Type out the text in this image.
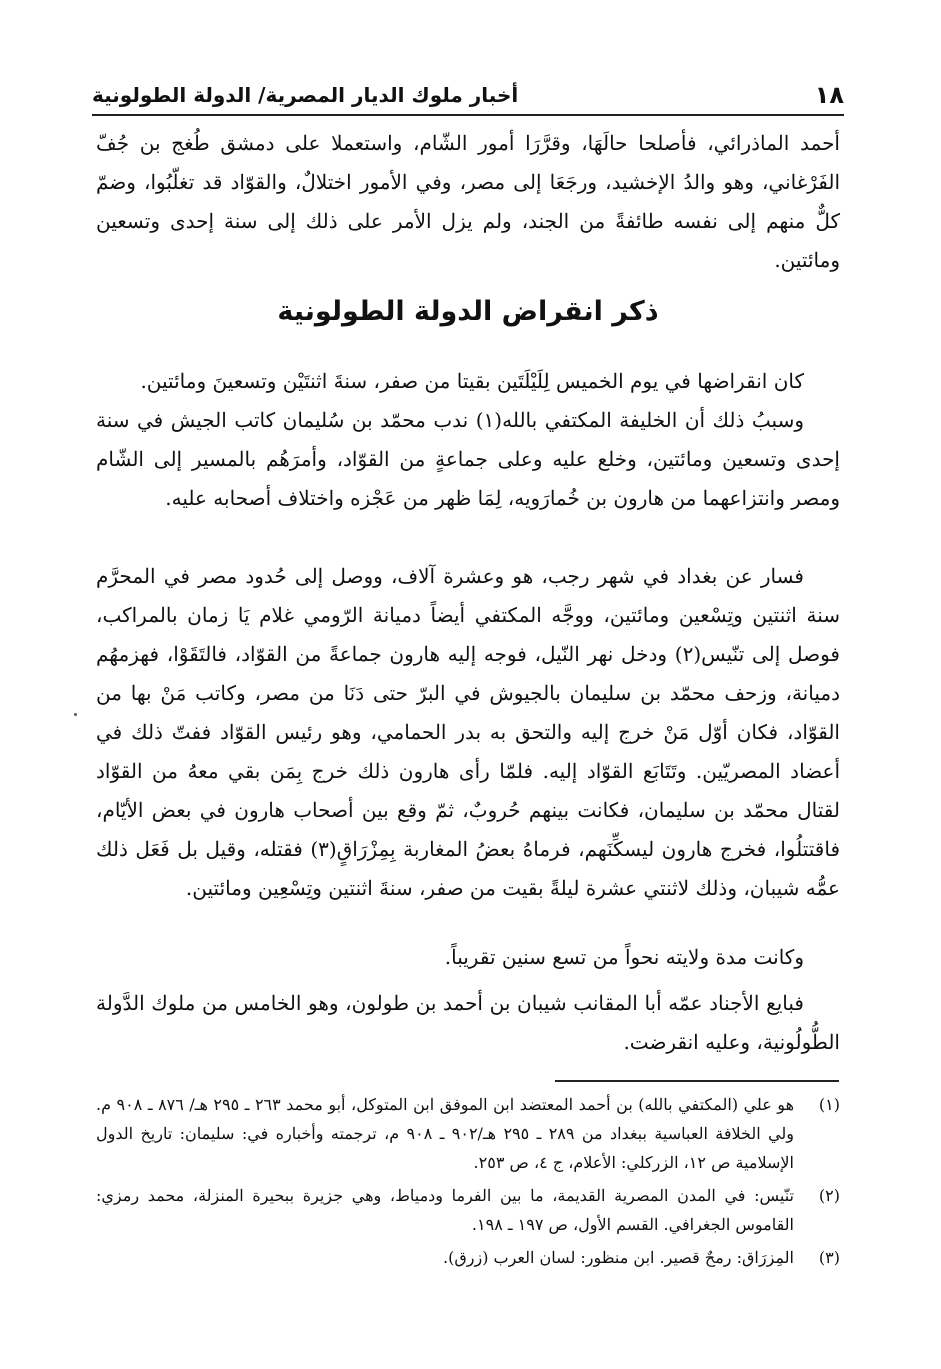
١٨
أخبار ملوك الديار المصرية/ الدولة الطولونية

أحمد الماذرائي، فأصلحا حالَهَا، وقرَّرَا أمور الشّام، واستعملا على دمشق طُغج بن جُفّ الفَرْغاني، وهو والدُ الإخشيد، ورجَعَا إلى مصر، وفي الأمور اختلالٌ، والقوّاد قد تغلّبُوا، وضمّ كلٌّ منهم إلى نفسه طائفةً من الجند، ولم يزل الأمر على ذلك إلى سنة إحدى وتسعين ومائتين.

ذكر انقراض الدولة الطولونية

كان انقراضها في يوم الخميس لِلَيْلَتَين بقيتا من صفر، سنةَ اثنتَيْن وتسعينَ ومائتين.

وسببُ ذلك أن الخليفة المكتفي بالله(١) ندب محمّد بن سُليمان كاتب الجيش في سنة إحدى وتسعين ومائتين، وخلع عليه وعلى جماعةٍ من القوّاد، وأمرَهُم بالمسير إلى الشّام ومصر وانتزاعهما من هارون بن خُمارَويه، لِمَا ظهر من عَجْزه واختلاف أصحابه عليه.

فسار عن بغداد في شهر رجب، هو وعشرة آلاف، ووصل إلى حُدود مصر في المحرَّم سنة اثنتين وتِسْعين ومائتين، ووجَّه المكتفي أيضاً دميانة الرّومي غلام يَا زمان بالمراكب، فوصل إلى تنّيس(٢) ودخل نهر النّيل، فوجه إليه هارون جماعةً من القوّاد، فالتَقَوْا، فهزمهُم دميانة، وزحف محمّد بن سليمان بالجيوش في البرّ حتى دَنَا من مصر، وكاتب مَنْ بها من القوّاد، فكان أوّل مَنْ خرج إليه والتحق به بدر الحمامي، وهو رئيس القوّاد ففتّ ذلك في أعضاد المصريّين. وتَتَابَع القوّاد إليه. فلمّا رأى هارون ذلك خرج بِمَن بقي معهُ من القوّاد لقتال محمّد بن سليمان، فكانت بينهم حُروبٌ، ثمّ وقع بين أصحاب هارون في بعض الأيّام، فاقتتلُوا، فخرج هارون ليسكِّنَهم، فرماهُ بعضُ المغاربة بِمِزْرَاقٍ(٣) فقتله، وقيل بل فَعَل ذلك عمُّه شيبان، وذلك لاثنتي عشرة ليلةً بقيت من صفر، سنةَ اثنتين وتِسْعِين ومائتين.

وكانت مدة ولايته نحواً من تسع سنين تقريباً.

فبايع الأجناد عمّه أبا المقانب شيبان بن أحمد بن طولون، وهو الخامس من ملوك الدَّولة الطُّولُونية، وعليه انقرضت.

(١)
هو علي (المكتفي بالله) بن أحمد المعتضد ابن الموفق ابن المتوكل، أبو محمد ٢٦٣ ـ ٢٩٥ هـ/ ٨٧٦ ـ ٩٠٨ م. ولي الخلافة العباسية ببغداد من ٢٨٩ ـ ٢٩٥ هـ/٩٠٢ ـ ٩٠٨ م، ترجمته وأخباره في: سليمان: تاريخ الدول الإسلامية ص ١٢، الزركلي: الأعلام، ج ٤، ص ٢٥٣.
(٢)
تنّيس: في المدن المصرية القديمة، ما بين الفرما ودمياط، وهي جزيرة ببحيرة المنزلة، محمد رمزي: القاموس الجغرافي. القسم الأول، ص ١٩٧ ـ ١٩٨.
(٣)
المِزرَاق: رمحٌ قصير. ابن منظور: لسان العرب (زرق).
